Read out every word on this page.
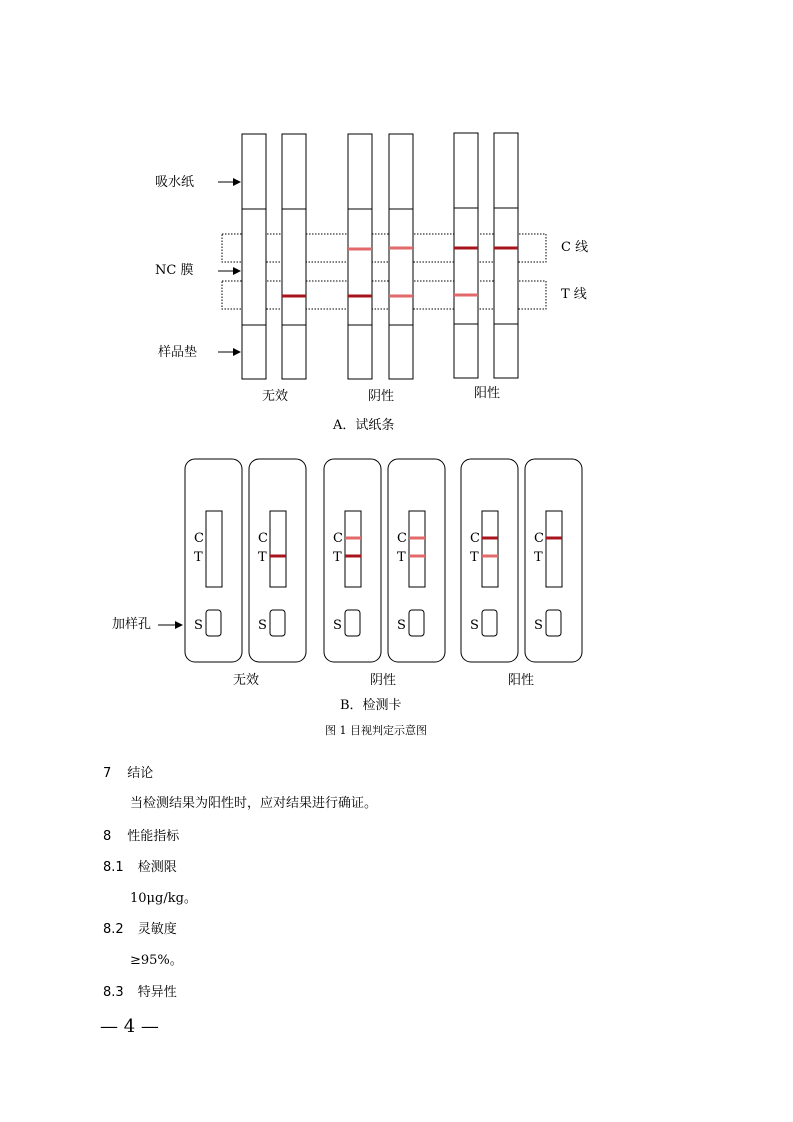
吸水纸
NC 膜
样品垫
C 线
T 线
无效	阴性	阳性
A．试纸条
C
T
S
C
T
S
C
T
S
C
T
S
C
T
S
C
T
S
加样孔
无效	阴性	阳性
B．检测卡
图 1 目视判定示意图
7 结论
当检测结果为阳性时，应对结果进行确证。
8 性能指标
8.1 检测限
10μg/kg。
8.2 灵敏度
≥95%。
8.3 特异性
— 4 —
